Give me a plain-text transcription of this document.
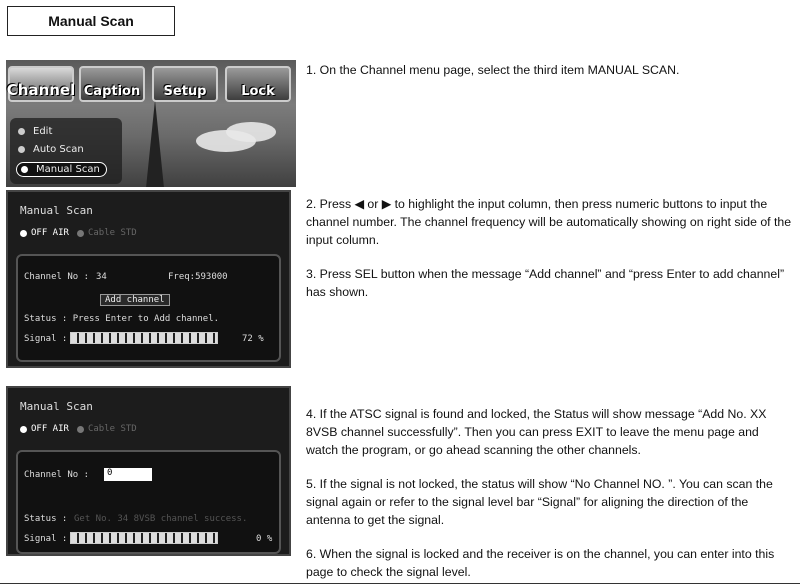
Manual Scan
Channel Caption	Setup	Lock
Edit
Auto Scan
Manual Scan
Manual Scan
OFF AIR Cable STD
Channel No : 34	Freq:593000
Add channel
Status : Press Enter to Add channel.
Signal :	72 %
Manual Scan
OFF AIR Cable STD
Channel No :	0
Status : Get No. 34 8VSB channel success.
Signal :	0 %

1. On the Channel menu page, select the third item MANUAL SCAN.

2. Press ◀ or ▶ to highlight the input column, then press numeric buttons to input the channel number. The channel frequency will be automatically showing on right side of the input column.

3. Press SEL button when the message “Add channel” and “press Enter to add channel” has shown.

4. If the ATSC signal is found and locked, the Status will show message “Add No. XX 8VSB channel successfully”. Then you can press EXIT to leave the menu page and watch the program, or go ahead scanning the other channels.

5. If the signal is not locked, the status will show “No Channel NO. ”. You can scan the signal again or refer to the signal level bar “Signal” for aligning the direction of the antenna to get the signal.

6. When the signal is locked and the receiver is on the channel, you can enter into this page to check the signal level.
